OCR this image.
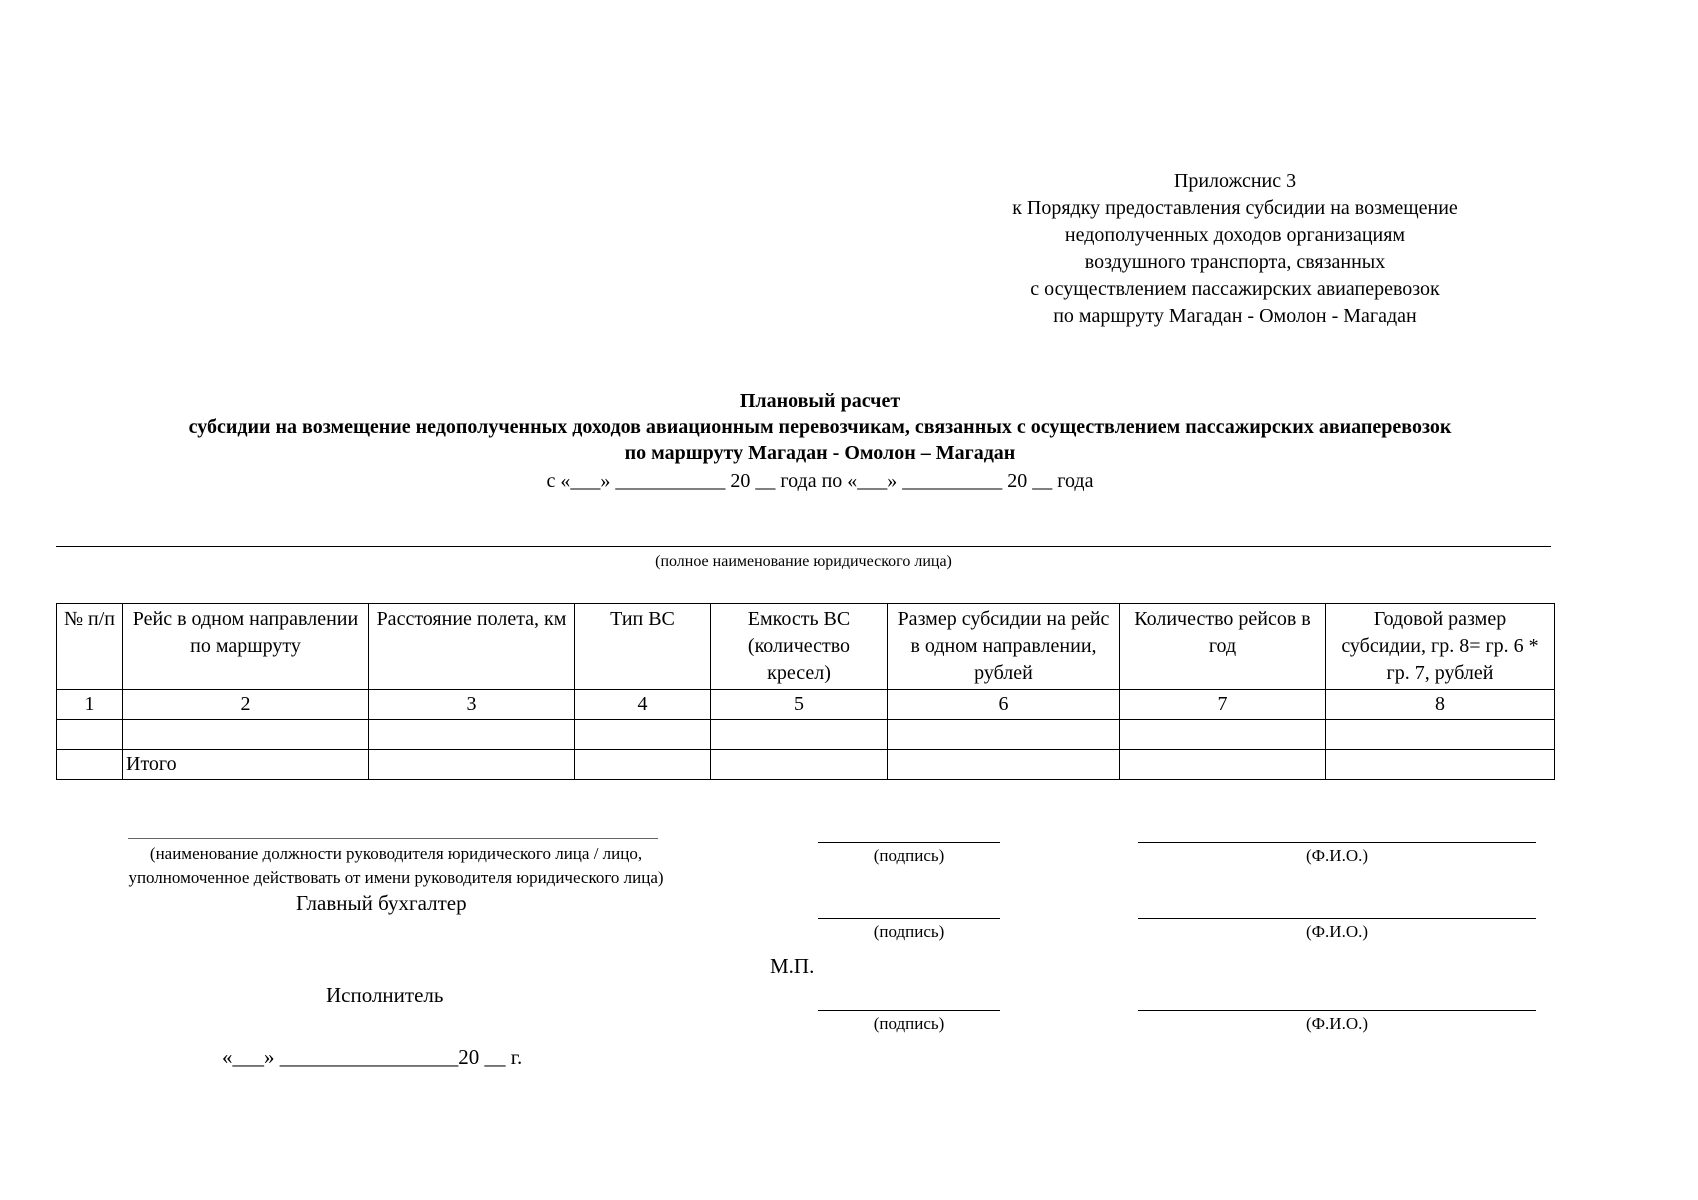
Приложснис 3
к Порядку предоставления субсидии на возмещение
недополученных доходов организациям
воздушного транспорта, связанных
с осуществлением пассажирских авиаперевозок
по маршруту Магадан - Омолон - Магадан
Плановый расчет
субсидии на возмещение недополученных доходов авиационным перевозчикам, связанных с осуществлением пассажирских авиаперевозок
по маршруту Магадан - Омолон – Магадан
с «___» ___________ 20 __ года по «___» __________ 20 __ года
(полное наименование юридического лица)
№ п/п	Рейс в одном направлении по маршруту	Расстояние полета, км	Тип ВС	Емкость ВС (количество кресел)	Размер субсидии на рейс в одном направлении, рублей	Количество рейсов в год	Годовой размер субсидии, гр. 8= гр. 6 * гр. 7, рублей
1	2	3	4	5	6	7	8

	Итого						
(наименование должности руководителя юридического лица / лицо,
уполномоченное действовать от имени руководителя юридического лица)
(подпись)	(Ф.И.О.)
Главный бухгалтер
(подпись)	(Ф.И.О.)
М.П.
Исполнитель
(подпись)	(Ф.И.О.)
«___» _________________20 __ г.
